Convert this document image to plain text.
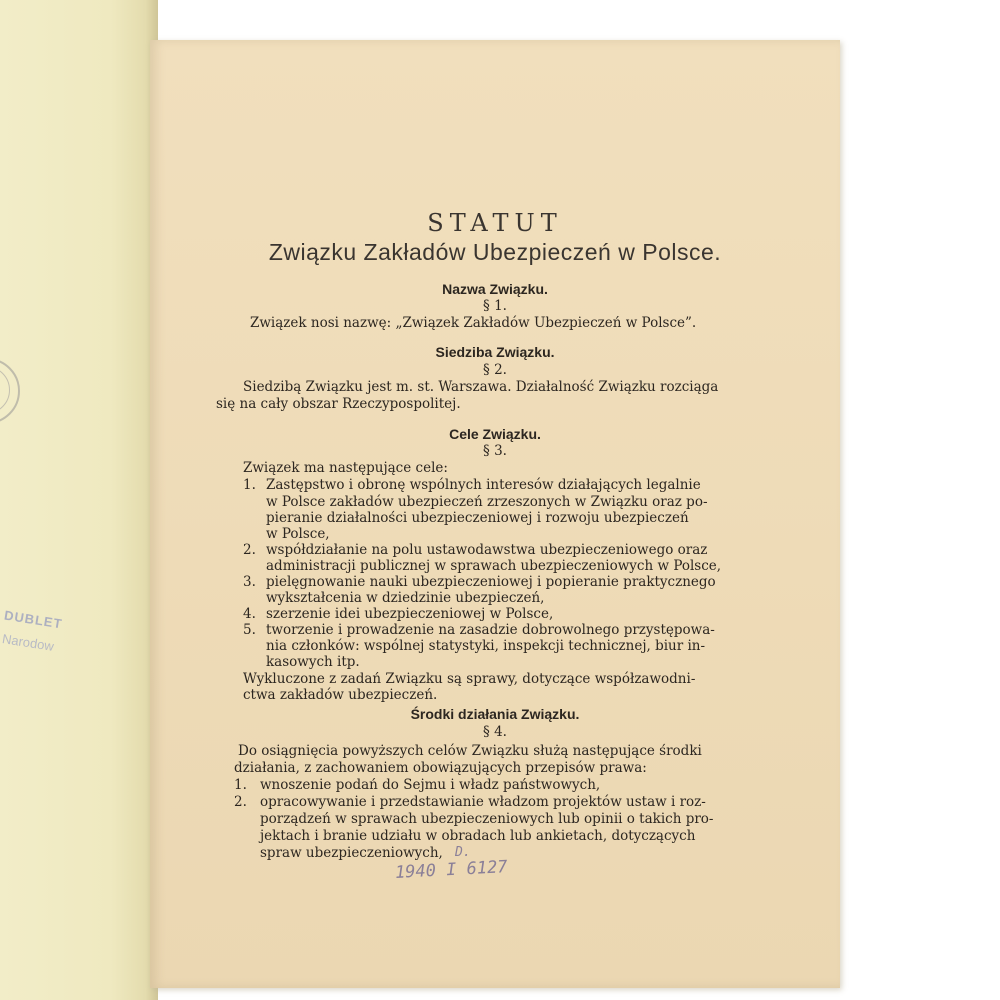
DUBLET
Narodow
STATUT
Związku Zakładów Ubezpieczeń w Polsce.
Nazwa Związku.
§ 1.
Związek nosi nazwę: „Związek Zakładów Ubezpieczeń w Polsce”.
Siedziba Związku.
§ 2.
Siedzibą Związku jest m. st. Warszawa. Działalność Związku rozciąga
się na cały obszar Rzeczypospolitej.
Cele Związku.
§ 3.
Związek ma następujące cele:
1. Zastępstwo i obronę wspólnych interesów działających legalnie
w Polsce zakładów ubezpieczeń zrzeszonych w Związku oraz po-
pieranie działalności ubezpieczeniowej i rozwoju ubezpieczeń
w Polsce,
2. współdziałanie na polu ustawodawstwa ubezpieczeniowego oraz
administracji publicznej w sprawach ubezpieczeniowych w Polsce,
3. pielęgnowanie nauki ubezpieczeniowej i popieranie praktycznego
wykształcenia w dziedzinie ubezpieczeń,
4. szerzenie idei ubezpieczeniowej w Polsce,
5. tworzenie i prowadzenie na zasadzie dobrowolnego przystępowa-
nia członków: wspólnej statystyki, inspekcji technicznej, biur in-
kasowych itp.
Wykluczone z zadań Związku są sprawy, dotyczące współzawodni-
ctwa zakładów ubezpieczeń.
Środki działania Związku.
§ 4.
Do osiągnięcia powyższych celów Związku służą następujące środki
działania, z zachowaniem obowiązujących przepisów prawa:
1. wnoszenie podań do Sejmu i władz państwowych,
2. opracowywanie i przedstawianie władzom projektów ustaw i roz-
porządzeń w sprawach ubezpieczeniowych lub opinii o takich pro-
jektach i branie udziału w obradach lub ankietach, dotyczących
spraw ubezpieczeniowych, D.
1940 I 6127
